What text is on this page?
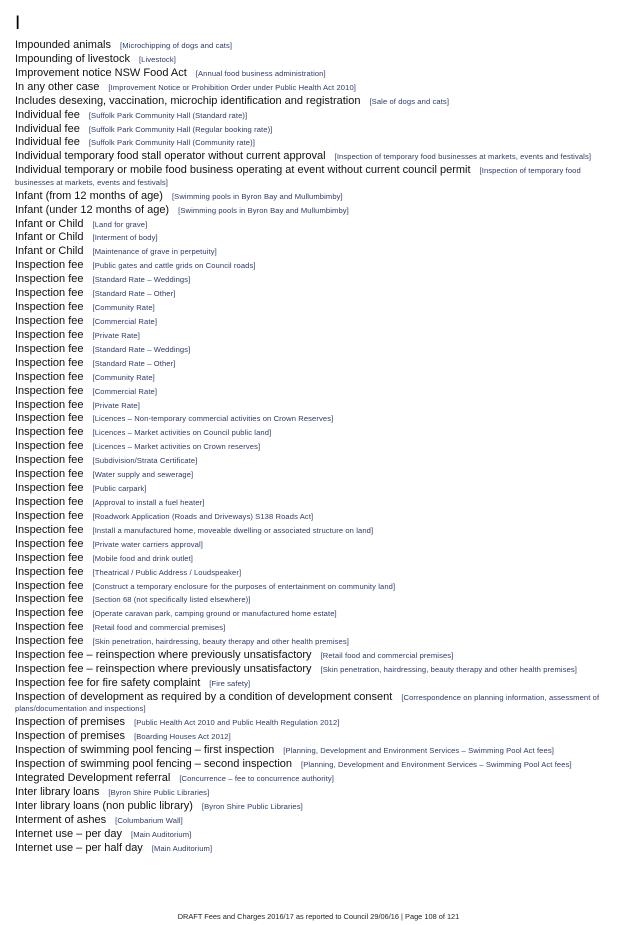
I
Impounded animals [Microchipping of dogs and cats]
Impounding of livestock [Livestock]
Improvement notice NSW Food Act [Annual food business administration]
In any other case [Improvement Notice or Prohibition Order under Public Health Act 2010]
Includes desexing, vaccination, microchip identification and registration [Sale of dogs and cats]
Individual fee [Suffolk Park Community Hall (Standard rate)]
Individual fee [Suffolk Park Community Hall (Regular booking rate)]
Individual fee [Suffolk Park Community Hall (Community rate)]
Individual temporary food stall operator without current approval [Inspection of temporary food businesses at markets, events and festivals]
Individual temporary or mobile food business operating at event without current council permit [Inspection of temporary food businesses at markets, events and festivals]
Infant (from 12 months of age) [Swimming pools in Byron Bay and Mullumbimby]
Infant (under 12 months of age) [Swimming pools in Byron Bay and Mullumbimby]
Infant or Child [Land for grave]
Infant or Child [Interment of body]
Infant or Child [Maintenance of grave in perpetuity]
Inspection fee [Public gates and cattle grids on Council roads]
Inspection fee [Standard Rate – Weddings]
Inspection fee [Standard Rate – Other]
Inspection fee [Community Rate]
Inspection fee [Commercial Rate]
Inspection fee [Private Rate]
Inspection fee [Standard Rate – Weddings]
Inspection fee [Standard Rate – Other]
Inspection fee [Community Rate]
Inspection fee [Commercial Rate]
Inspection fee [Private Rate]
Inspection fee [Licences – Non-temporary commercial activities on Crown Reserves]
Inspection fee [Licences – Market activities on Council public land]
Inspection fee [Licences – Market activities on Crown reserves]
Inspection fee [Subdivision/Strata Certificate]
Inspection fee [Water supply and sewerage]
Inspection fee [Public carpark]
Inspection fee [Approval to install a fuel heater]
Inspection fee [Roadwork Application (Roads and Driveways) S138 Roads Act]
Inspection fee [Install a manufactured home, moveable dwelling or associated structure on land]
Inspection fee [Private water carriers approval]
Inspection fee [Mobile food and drink outlet]
Inspection fee [Theatrical / Public Address / Loudspeaker]
Inspection fee [Construct a temporary enclosure for the purposes of entertainment on community land]
Inspection fee [Section 68 (not specifically listed elsewhere)]
Inspection fee [Operate caravan park, camping ground or manufactured home estate]
Inspection fee [Retail food and commercial premises]
Inspection fee [Skin penetration, hairdressing, beauty therapy and other health premises]
Inspection fee – reinspection where previously unsatisfactory [Retail food and commercial premises]
Inspection fee – reinspection where previously unsatisfactory [Skin penetration, hairdressing, beauty therapy and other health premises]
Inspection fee for fire safety complaint [Fire safety]
Inspection of development as required by a condition of development consent [Correspondence on planning information, assessment of plans/documentation and inspections]
Inspection of premises [Public Health Act 2010 and Public Health Regulation 2012]
Inspection of premises [Boarding Houses Act 2012]
Inspection of swimming pool fencing – first inspection [Planning, Development and Environment Services – Swimming Pool Act fees]
Inspection of swimming pool fencing – second inspection [Planning, Development and Environment Services – Swimming Pool Act fees]
Integrated Development referral [Concurrence – fee to concurrence authority]
Inter library loans [Byron Shire Public Libraries]
Inter library loans (non public library) [Byron Shire Public Libraries]
Interment of ashes [Columbarium Wall]
Internet use – per day [Main Auditorium]
Internet use – per half day [Main Auditorium]
DRAFT Fees and Charges 2016/17 as reported to Council 29/06/16 | Page 108 of 121
